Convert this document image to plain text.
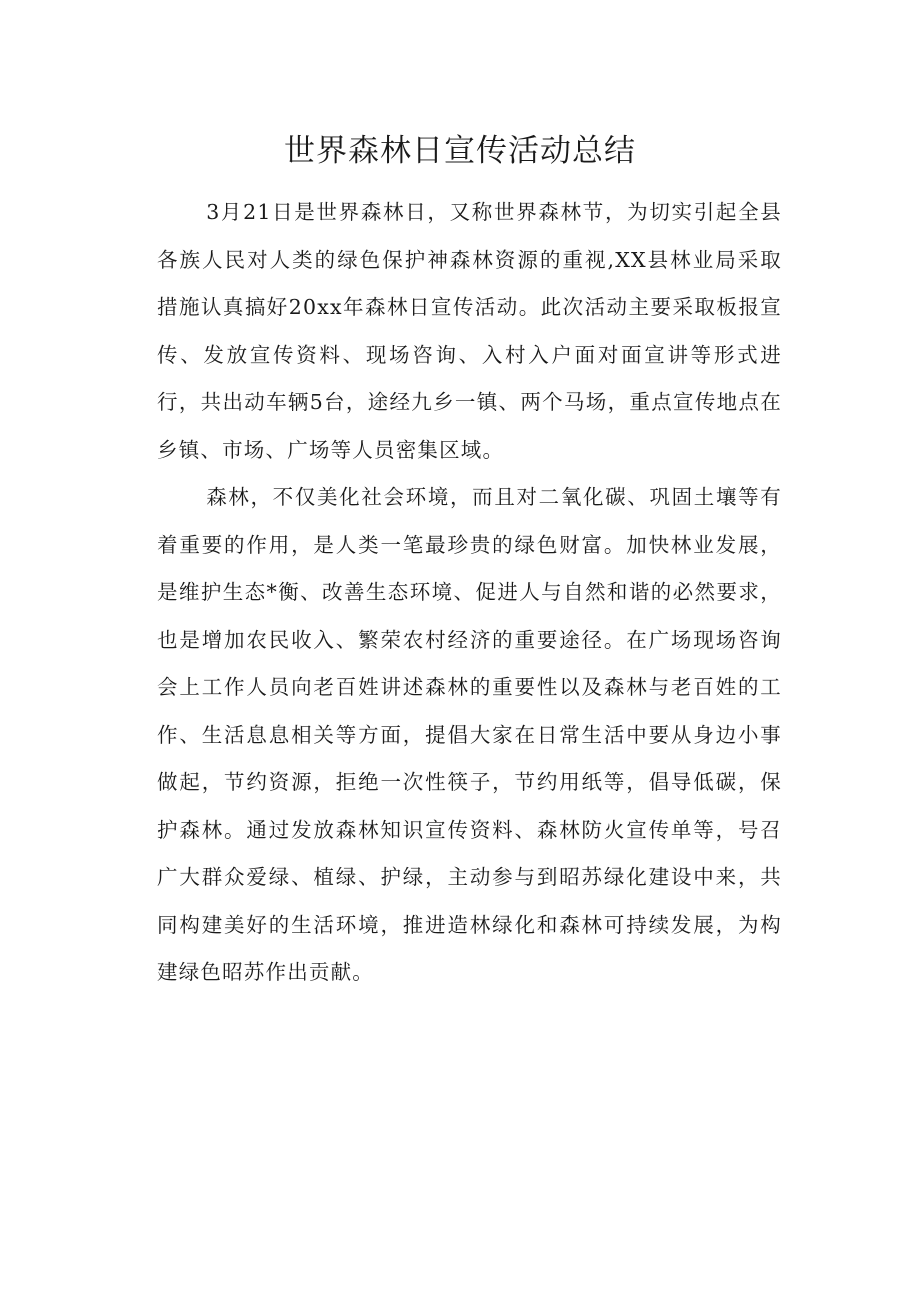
世界森林日宣传活动总结

3月21日是世界森林日，又称世界森林节，为切实引起全县各族人民对人类的绿色保护神森林资源的重视,XX县林业局采取措施认真搞好20xx年森林日宣传活动。此次活动主要采取板报宣传、发放宣传资料、现场咨询、入村入户面对面宣讲等形式进行，共出动车辆5台，途经九乡一镇、两个马场，重点宣传地点在乡镇、市场、广场等人员密集区域。

森林，不仅美化社会环境，而且对二氧化碳、巩固土壤等有着重要的作用，是人类一笔最珍贵的绿色财富。加快林业发展，是维护生态*衡、改善生态环境、促进人与自然和谐的必然要求，也是增加农民收入、繁荣农村经济的重要途径。在广场现场咨询会上工作人员向老百姓讲述森林的重要性以及森林与老百姓的工作、生活息息相关等方面，提倡大家在日常生活中要从身边小事做起，节约资源，拒绝一次性筷子，节约用纸等，倡导低碳，保护森林。通过发放森林知识宣传资料、森林防火宣传单等，号召广大群众爱绿、植绿、护绿，主动参与到昭苏绿化建设中来，共同构建美好的生活环境，推进造林绿化和森林可持续发展，为构建绿色昭苏作出贡献。
